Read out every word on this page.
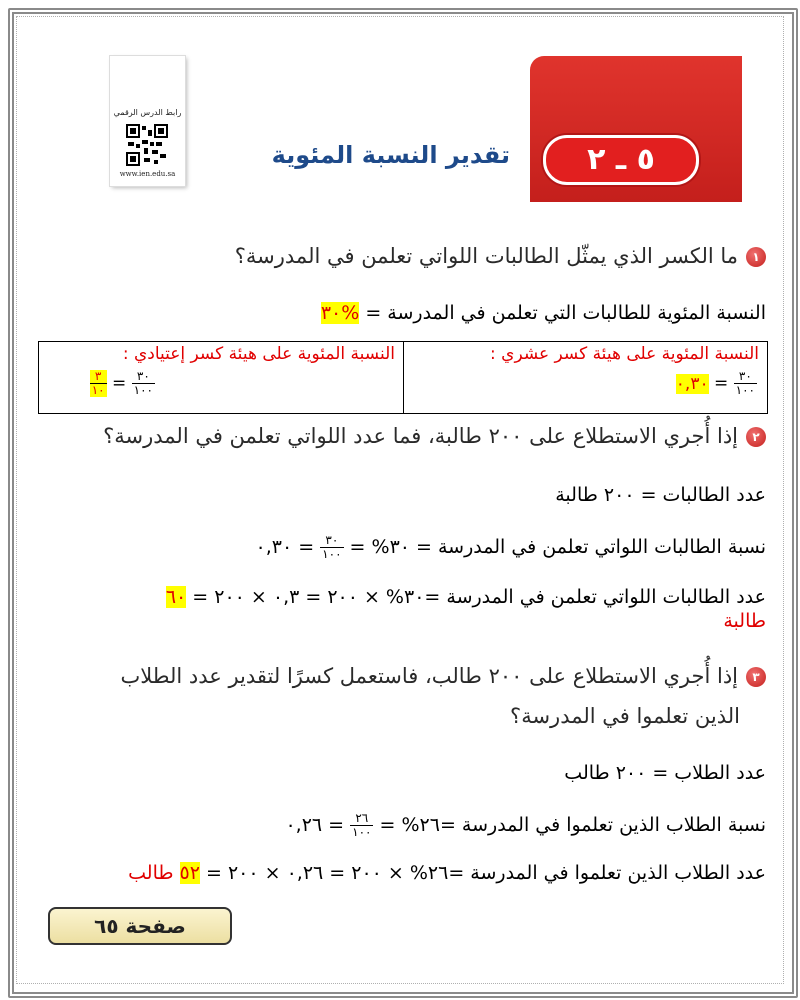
رابط الدرس الرقمي
www.ien.edu.sa	٥ ـ ٢
تقدير النسبة المئوية
١ما الكسر الذي يمثّل الطالبات اللواتي تعلمن في المدرسة؟
النسبة المئوية للطالبات التي تعلمن في المدرسة = %٣٠
النسبة المئوية على هيئة كسر عشري :
$\frac{٣٠}{١٠٠}$
= ٠,٣٠
النسبة المئوية على هيئة كسر إعتيادي :
$\frac{٣٠}{١٠٠}$
=
$\frac{٣}{١٠}$
٢إذا أُجري الاستطلاع على ٢٠٠ طالبة، فما عدد اللواتي تعلمن في المدرسة؟
عدد الطالبات = ٢٠٠ طالبة
نسبة الطالبات اللواتي تعلمن في المدرسة = ٣٠% =
$\frac{٣٠}{١٠٠}$
= ٠,٣٠
عدد الطالبات اللواتي تعلمن في المدرسة =٣٠% × ٢٠٠ = ٠,٣ × ٢٠٠ = ٦٠
طالبة
٣إذا أُجري الاستطلاع على ٢٠٠ طالب، فاستعمل كسرًا لتقدير عدد الطلاب
الذين تعلموا في المدرسة؟
عدد الطلاب = ٢٠٠ طالب
نسبة الطلاب الذين تعلموا في المدرسة =٢٦% =
$\frac{٢٦}{١٠٠}$
= ٠,٢٦
عدد الطلاب الذين تعلموا في المدرسة =٢٦% × ٢٠٠ = ٠,٢٦ × ٢٠٠ = ٥٢ طالب
صفحة ٦٥
